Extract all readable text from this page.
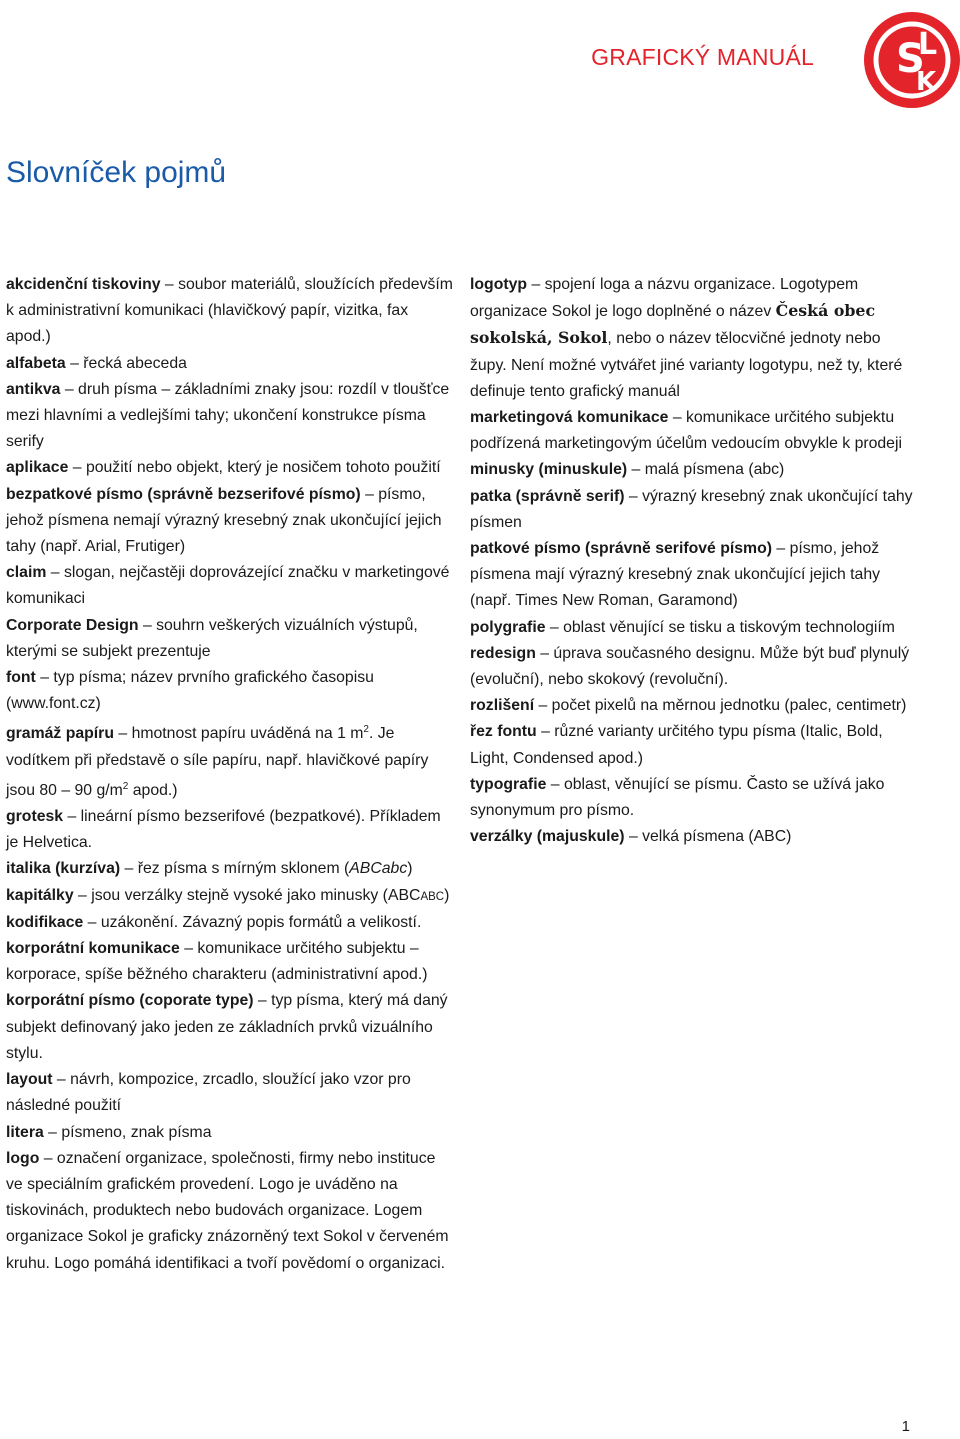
GRAFICKÝ MANUÁL S
L
K
Slovníček pojmů

akcidenční tiskoviny – soubor materiálů, sloužících především k administrativní komunikaci (hlavičkový papír, vizitka, fax apod.)

alfabeta – řecká abeceda

antikva – druh písma – základními znaky jsou: rozdíl v tloušťce mezi hlavními a vedlejšími tahy; ukončení konstrukce písma serify

aplikace – použití nebo objekt, který je nosičem tohoto použití

bezpatkové písmo (správně bezserifové písmo) – písmo, jehož písmena nemají výrazný kresebný znak ukončující jejich tahy (např. Arial, Frutiger)

claim – slogan, nejčastěji doprovázející značku v marketingové komunikaci

Corporate Design – souhrn veškerých vizuálních výstupů, kterými se subjekt prezentuje

font – typ písma; název prvního grafického časopisu (www.font.cz)

gramáž papíru – hmotnost papíru uváděná na 1 $m^2$. Je vodítkem při představě o síle papíru, např. hlavičkové papíry jsou 80 – 90 $g/m^2$ apod.)

grotesk – lineární písmo bezserifové (bezpatkové). Příkladem je Helvetica.

italika (kurzíva) – řez písma s mírným sklonem (ABCabc)

kapitálky – jsou verzálky stejně vysoké jako minusky (ABCABC)

kodifikace – uzákonění. Závazný popis formátů a velikostí.

korporátní komunikace – komunikace určitého subjektu – korporace, spíše běžného charakteru (administrativní apod.)

korporátní písmo (coporate type) – typ písma, který má daný subjekt definovaný jako jeden ze základních prvků vizuálního stylu.

layout – návrh, kompozice, zrcadlo, sloužící jako vzor pro následné použití

litera – písmeno, znak písma

logo – označení organizace, společnosti, firmy nebo instituce ve speciálním grafickém provedení. Logo je uváděno na tiskovinách, produktech nebo budovách organizace. Logem organizace Sokol je graficky znázorněný text Sokol v červeném kruhu. Logo pomáhá identifikaci a tvoří povědomí o organizaci.

logotyp – spojení loga a názvu organizace. Logotypem organizace Sokol je logo doplněné o název Česká obec sokolská, Sokol, nebo o název tělocvičné jednoty nebo župy. Není možné vytvářet jiné varianty logotypu, než ty, které definuje tento grafický manuál

marketingová komunikace – komunikace určitého subjektu podřízená marketingovým účelům vedoucím obvykle k prodeji

minusky (minuskule) – malá písmena (abc)

patka (správně serif) – výrazný kresebný znak ukončující tahy písmen

patkové písmo (správně serifové písmo) – písmo, jehož písmena mají výrazný kresebný znak ukončující jejich tahy (např. Times New Roman, Garamond)

polygrafie – oblast věnující se tisku a tiskovým technologiím

redesign – úprava současného designu. Může být buď plynulý (evoluční), nebo skokový (revoluční).

rozlišení – počet pixelů na měrnou jednotku (palec, centimetr)

řez fontu – různé varianty určitého typu písma (Italic, Bold, Light, Condensed apod.)

typografie – oblast, věnující se písmu. Často se užívá jako synonymum pro písmo.

verzálky (majuskule) – velká písmena (ABC)

1
